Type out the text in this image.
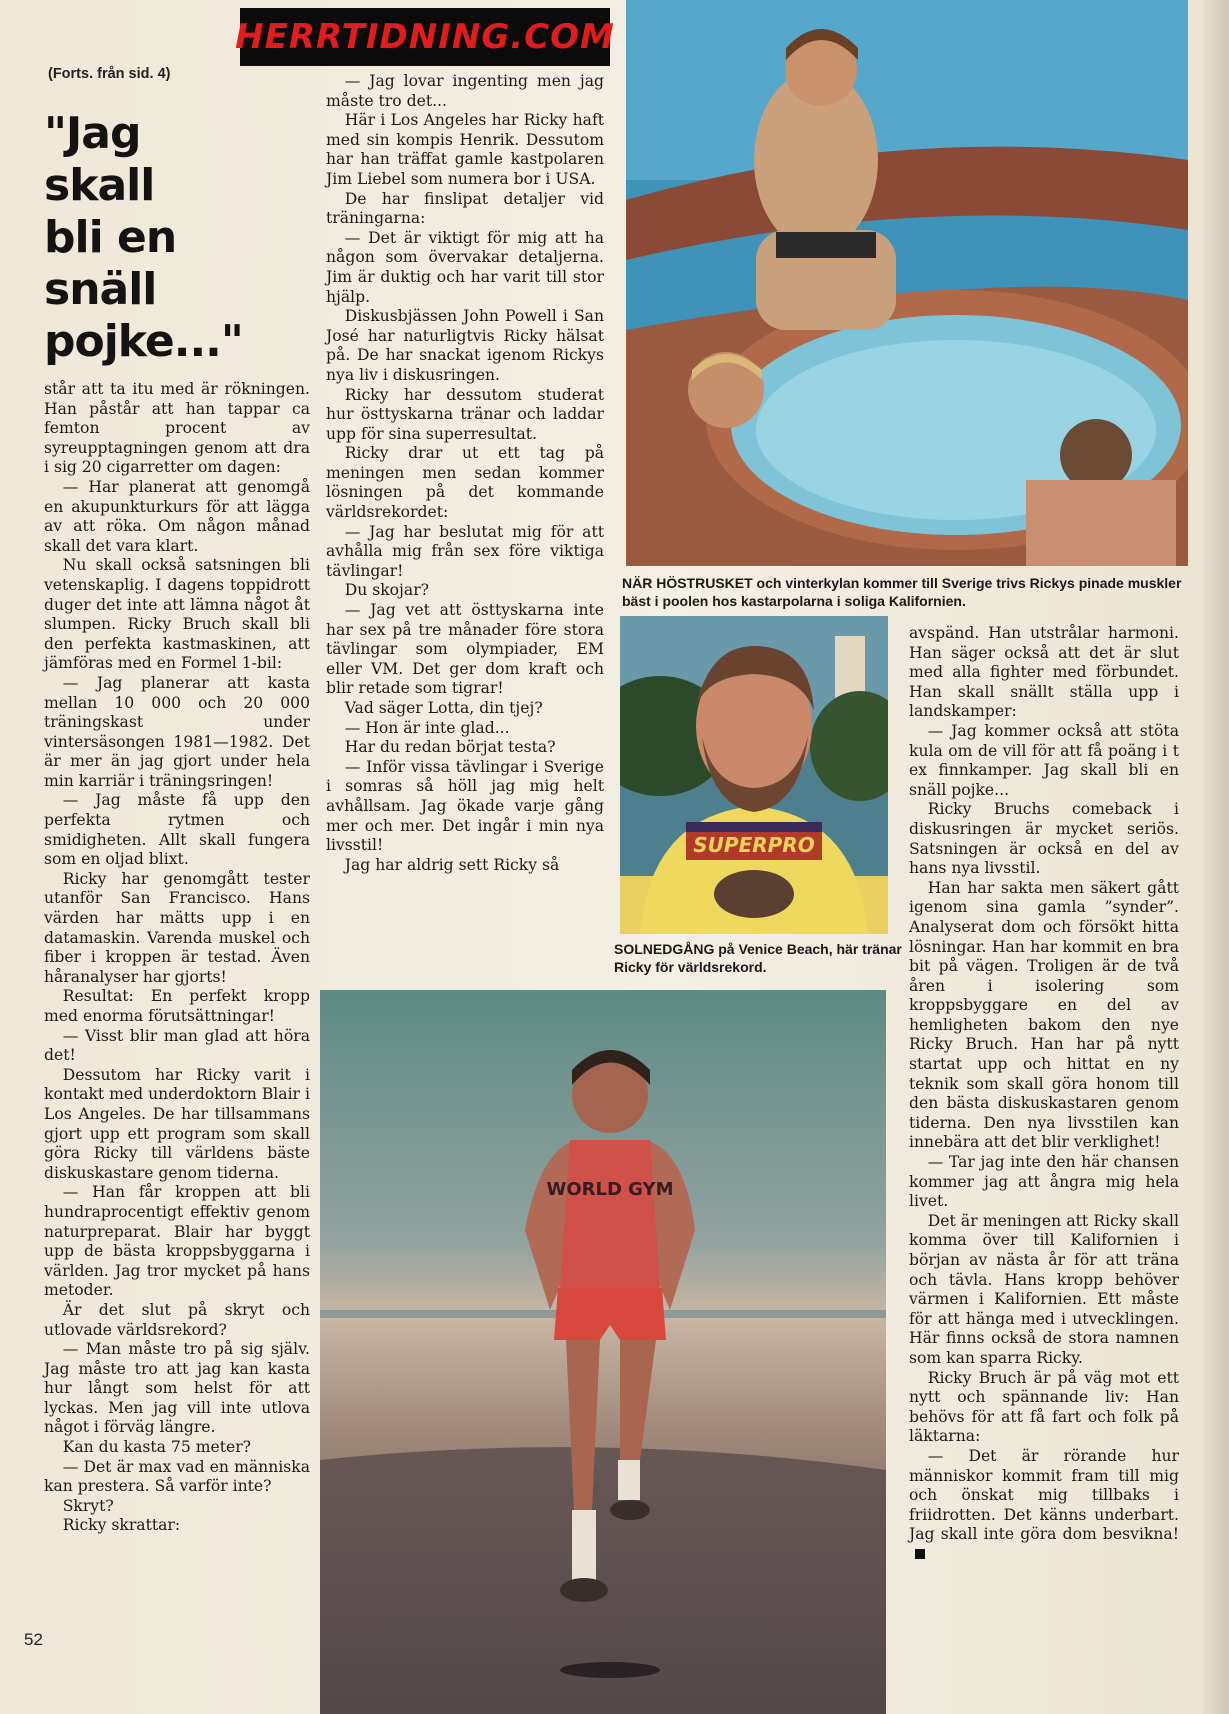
HERRTIDNING.COM
(Forts. från sid. 4)
"Jag
skall
bli en
snäll
pojke..."

står att ta itu med är rökningen. Han påstår att han tappar ca femton procent av syreupptagningen genom att dra i sig 20 cigarretter om dagen:

— Har planerat att genomgå en akupunkturkurs för att lägga av att röka. Om någon månad skall det vara klart.

Nu skall också satsningen bli vetenskaplig. I dagens toppidrott duger det inte att lämna något åt slumpen. Ricky Bruch skall bli den perfekta kastmaskinen, att jämföras med en Formel 1-bil:

— Jag planerar att kasta mellan 10 000 och 20 000 träningskast under vintersäsongen 1981—1982. Det är mer än jag gjort under hela min karriär i träningsringen!

— Jag måste få upp den perfekta rytmen och smidigheten. Allt skall fungera som en oljad blixt.

Ricky har genomgått tester utanför San Francisco. Hans värden har mätts upp i en datamaskin. Varenda muskel och fiber i kroppen är testad. Även håranalyser har gjorts!

Resultat: En perfekt kropp med enorma förutsättningar!

— Visst blir man glad att höra det!

Dessutom har Ricky varit i kontakt med underdoktorn Blair i Los Angeles. De har tillsammans gjort upp ett program som skall göra Ricky till världens bäste diskuskastare genom tiderna.

— Han får kroppen att bli hundraprocentigt effektiv genom naturpreparat. Blair har byggt upp de bästa kroppsbyggarna i världen. Jag tror mycket på hans metoder.

Är det slut på skryt och utlovade världsrekord?

— Man måste tro på sig själv. Jag måste tro att jag kan kasta hur långt som helst för att lyckas. Men jag vill inte utlova något i förväg längre.

Kan du kasta 75 meter?

— Det är max vad en människa kan prestera. Så varför inte?

Skryt?

Ricky skrattar:

— Jag lovar ingenting men jag måste tro det...

Här i Los Angeles har Ricky haft med sin kompis Henrik. Dessutom har han träffat gamle kastpolaren Jim Liebel som numera bor i USA.

De har finslipat detaljer vid träningarna:

— Det är viktigt för mig att ha någon som övervakar detaljerna. Jim är duktig och har varit till stor hjälp.

Diskusbjässen John Powell i San José har naturligtvis Ricky hälsat på. De har snackat igenom Rickys nya liv i diskusringen.

Ricky har dessutom studerat hur östtyskarna tränar och laddar upp för sina superresultat.

Ricky drar ut ett tag på meningen men sedan kommer lösningen på det kommande världsrekordet:

— Jag har beslutat mig för att avhålla mig från sex före viktiga tävlingar!

Du skojar?

— Jag vet att östtyskarna inte har sex på tre månader före stora tävlingar som olympiader, EM eller VM. Det ger dom kraft och blir retade som tigrar!

Vad säger Lotta, din tjej?

— Hon är inte glad...

Har du redan börjat testa?

— Inför vissa tävlingar i Sverige i somras så höll jag mig helt avhållsam. Jag ökade varje gång mer och mer. Det ingår i min nya livsstil!

Jag har aldrig sett Ricky så

avspänd. Han utstrålar harmoni. Han säger också att det är slut med alla fighter med förbundet. Han skall snällt ställa upp i landskamper:

— Jag kommer också att stöta kula om de vill för att få poäng i t ex finnkamper. Jag skall bli en snäll pojke...

Ricky Bruchs comeback i diskusringen är mycket seriös. Satsningen är också en del av hans nya livsstil.

Han har sakta men säkert gått igenom sina gamla ”synder”. Analyserat dom och försökt hitta lösningar. Han har kommit en bra bit på vägen. Troligen är de två åren i isolering som kroppsbyggare en del av hemligheten bakom den nye Ricky Bruch. Han har på nytt startat upp och hittat en ny teknik som skall göra honom till den bästa diskuskastaren genom tiderna. Den nya livsstilen kan innebära att det blir verklighet!

— Tar jag inte den här chansen kommer jag att ångra mig hela livet.

Det är meningen att Ricky skall komma över till Kalifornien i början av nästa år för att träna och tävla. Hans kropp behöver värmen i Kalifornien. Ett måste för att hänga med i utvecklingen. Här finns också de stora namnen som kan sparra Ricky.

Ricky Bruch är på väg mot ett nytt och spännande liv: Han behövs för att få fart och folk på läktarna:

— Det är rörande hur människor kommit fram till mig och önskat mig tillbaks i friidrotten. Det känns underbart. Jag skall inte göra dom besvikna!

NÄR HÖSTRUSKET och vinterkylan kommer till Sverige trivs Rickys pinade muskler bäst i poolen hos kastarpolarna i soliga Kalifornien.
SUPERPRO
SOLNEDGÅNG på Venice Beach, här tränar Ricky för världsrekord.
WORLD GYM
52
